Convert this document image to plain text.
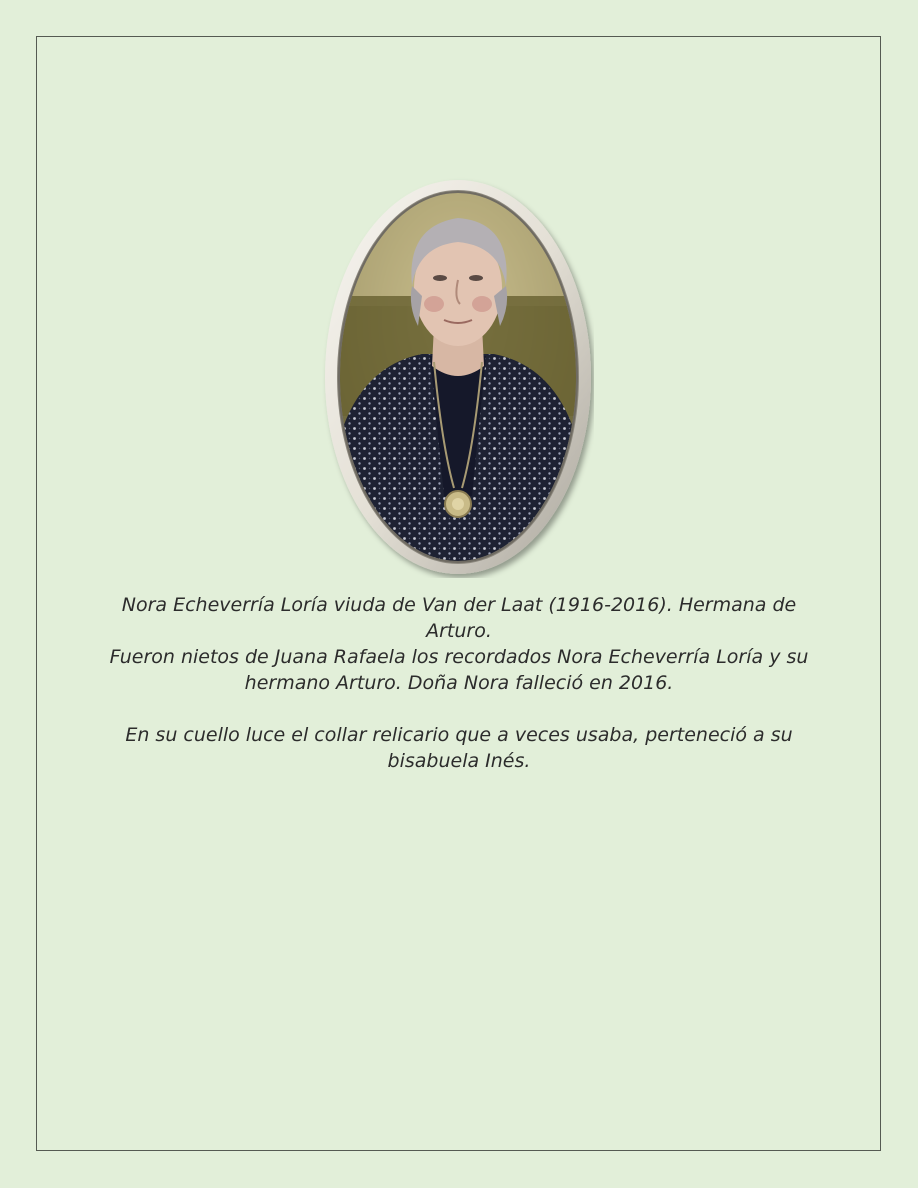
Nora Echeverría Loría viuda de Van der Laat (1916-2016). Hermana de Arturo.

Fueron nietos de Juana Rafaela los recordados Nora Echeverría Loría y su hermano Arturo. Doña Nora falleció en 2016.

En su cuello luce el collar relicario que a veces usaba, perteneció a su bisabuela Inés.
